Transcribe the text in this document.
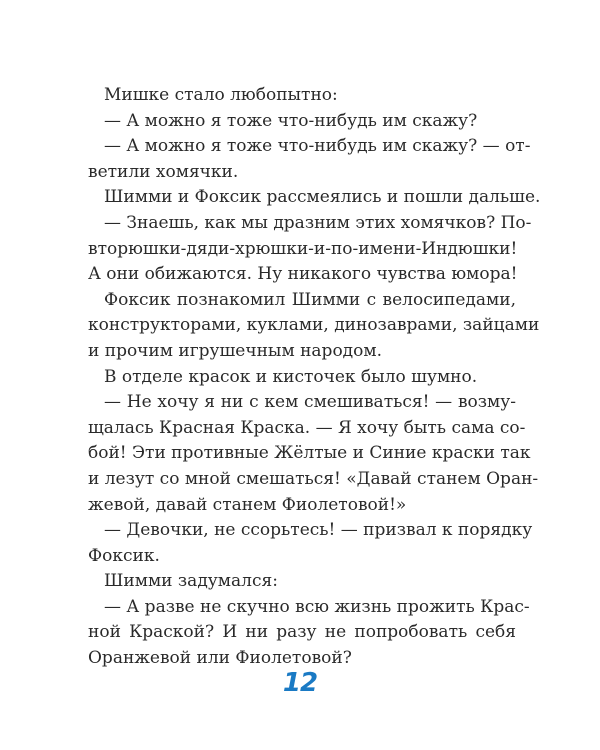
Мишке стало любопытно:
— А можно я тоже что-нибудь им скажу?
— А можно я тоже что-нибудь им скажу? — от-
ветили хомячки.
Шимми и Фоксик рассмеялись и пошли дальше.
— Знаешь, как мы дразним этих хомячков? По-
вторюшки-дяди-хрюшки-и-по-имени-Индюшки!
А они обижаются. Ну никакого чувства юмора!
Фоксик познакомил Шимми с велосипедами,
конструкторами, куклами, динозаврами, зайцами
и прочим игрушечным народом.
В отделе красок и кисточек было шумно.
— Не хочу я ни с кем смешиваться! — возму-
щалась Красная Краска. — Я хочу быть сама со-
бой! Эти противные Жёлтые и Синие краски так
и лезут со мной смешаться! «Давай станем Оран-
жевой, давай станем Фиолетовой!»
— Девочки, не ссорьтесь! — призвал к порядку
Фоксик.
Шимми задумался:
— А разве не скучно всю жизнь прожить Крас-
ной Краской? И ни разу не попробовать себя
Оранжевой или Фиолетовой?
12
